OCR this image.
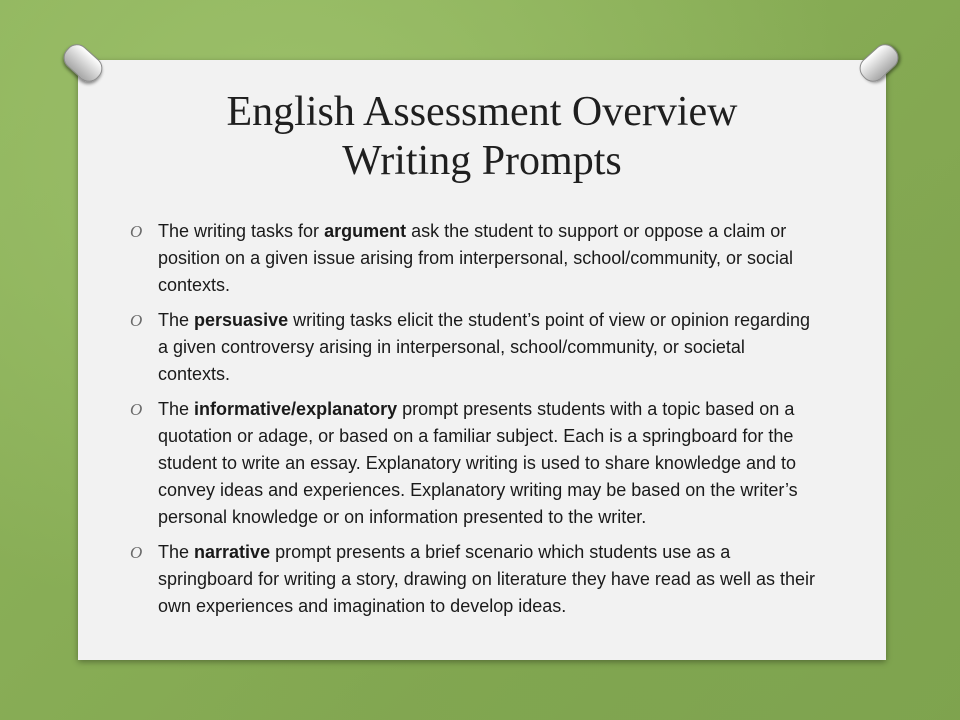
English Assessment Overview
Writing Prompts
O The writing tasks for argument ask the student to support or oppose a claim or position on a given issue arising from interpersonal, school/community, or social contexts.
O The persuasive writing tasks elicit the student’s point of view or opinion regarding a given controversy arising in interpersonal, school/community, or societal contexts.
O The informative/explanatory prompt presents students with a topic based on a quotation or adage, or based on a familiar subject. Each is a springboard for the student to write an essay. Explanatory writing is used to share knowledge and to convey ideas and experiences. Explanatory writing may be based on the writer’s personal knowledge or on information presented to the writer.
O The narrative prompt presents a brief scenario which students use as a springboard for writing a story, drawing on literature they have read as well as their own experiences and imagination to develop ideas.
